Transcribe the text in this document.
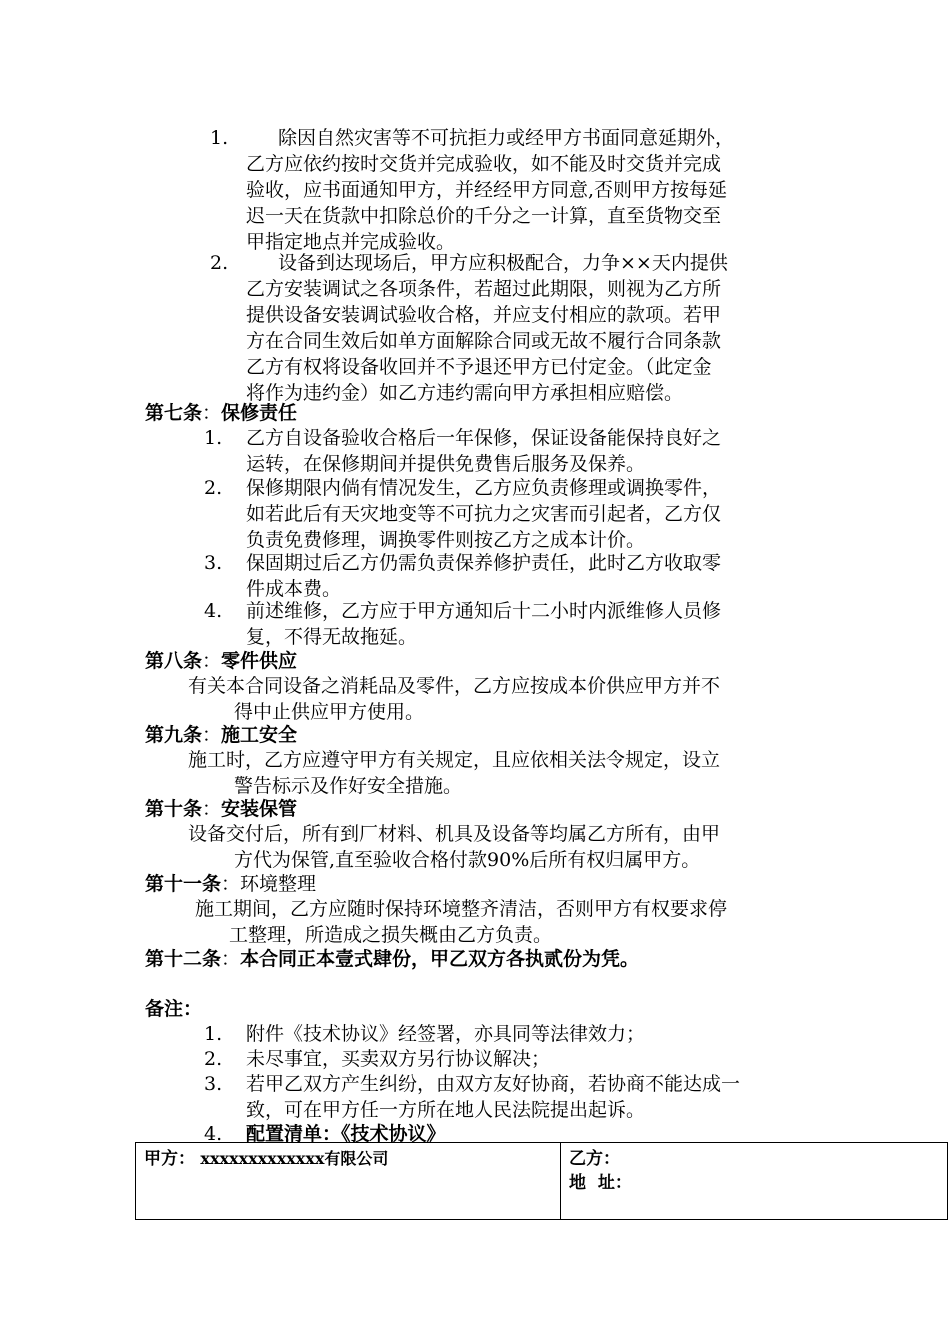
1.	除因自然灾害等不可抗拒力或经甲方书面同意延期外，
乙方应依约按时交货并完成验收，如不能及时交货并完成
验收，应书面通知甲方，并经经甲方同意,否则甲方按每延
迟一天在货款中扣除总价的千分之一计算，直至货物交至
甲指定地点并完成验收。
2.	设备到达现场后，甲方应积极配合，力争××天内提供
乙方安装调试之各项条件，若超过此期限，则视为乙方所
提供设备安装调试验收合格，并应支付相应的款项。若甲
方在合同生效后如单方面解除合同或无故不履行合同条款
乙方有权将设备收回并不予退还甲方已付定金。（此定金
将作为违约金）如乙方违约需向甲方承担相应赔偿。
第七条：保修责任
1. 乙方自设备验收合格后一年保修，保证设备能保持良好之
运转，在保修期间并提供免费售后服务及保养。
2. 保修期限内倘有情况发生，乙方应负责修理或调换零件，
如若此后有天灾地变等不可抗力之灾害而引起者，乙方仅
负责免费修理，调换零件则按乙方之成本计价。
3. 保固期过后乙方仍需负责保养修护责任，此时乙方收取零
件成本费。
4. 前述维修，乙方应于甲方通知后十二小时内派维修人员修
复，不得无故拖延。
第八条：零件供应
有关本合同设备之消耗品及零件，乙方应按成本价供应甲方并不
得中止供应甲方使用。
第九条：施工安全
施工时，乙方应遵守甲方有关规定，且应依相关法令规定，设立
警告标示及作好安全措施。
第十条：安装保管
设备交付后，所有到厂材料、机具及设备等均属乙方所有，由甲
方代为保管,直至验收合格付款90%后所有权归属甲方。
第十一条：环境整理
施工期间，乙方应随时保持环境整齐清洁，否则甲方有权要求停
工整理，所造成之损失概由乙方负责。
第十二条：本合同正本壹式肆份，甲乙双方各执贰份为凭。
备注：
1. 附件《技术协议》经签署，亦具同等法律效力；
2. 未尽事宜，买卖双方另行协议解决；
3. 若甲乙双方产生纠纷，由双方友好协商，若协商不能达成一
致，可在甲方任一方所在地人民法院提出起诉。
4. 配置清单：《技术协议》
甲方： xxxxxxxxxxxxx有限公司	乙方：
地  址：
